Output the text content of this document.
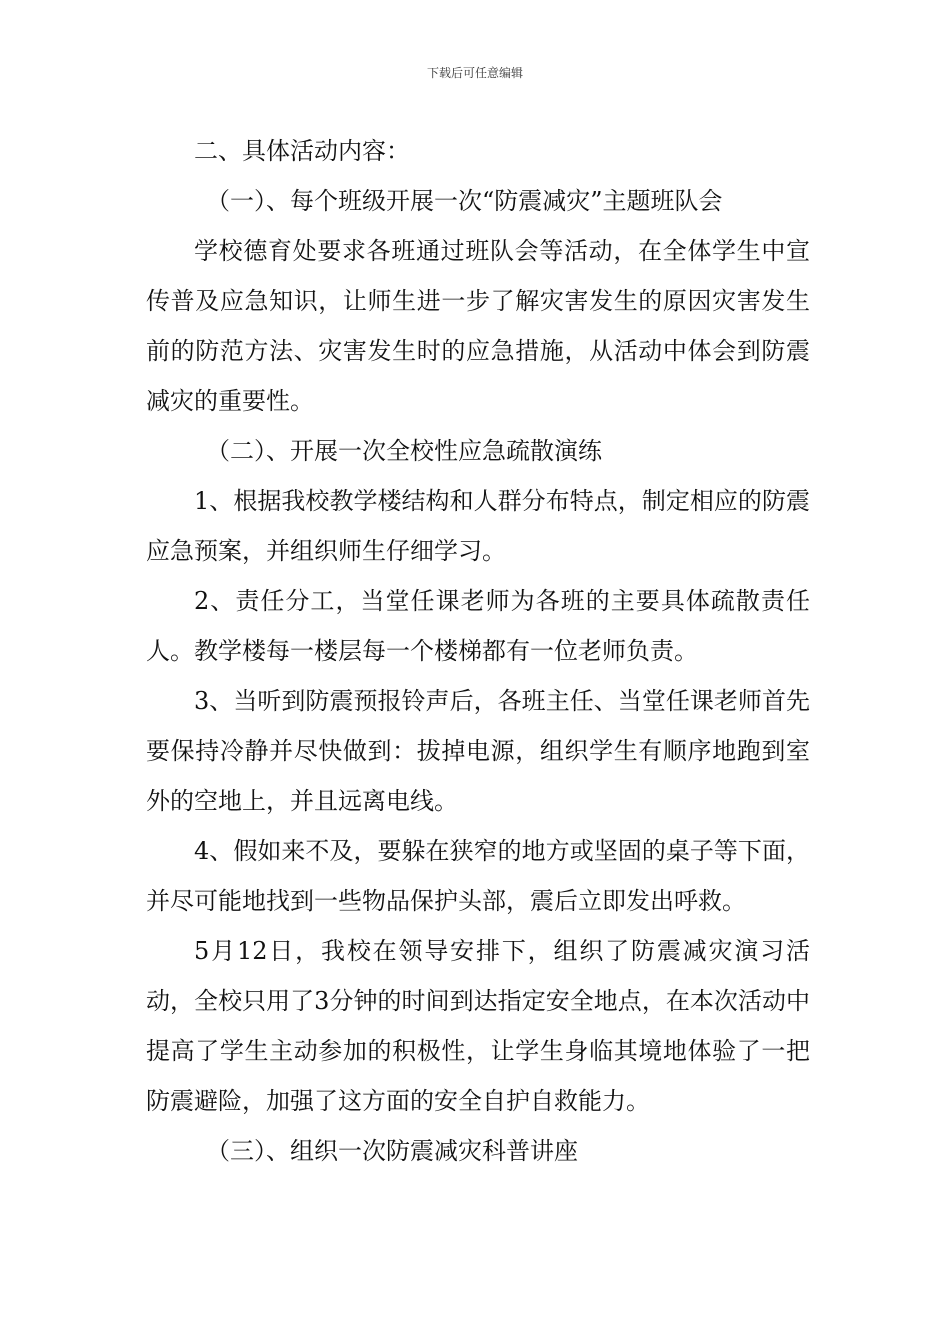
下载后可任意编辑

二、具体活动内容：

（一）、每个班级开展一次“防震减灾”主题班队会

学校德育处要求各班通过班队会等活动，在全体学生中宣传普及应急知识，让师生进一步了解灾害发生的原因灾害发生前的防范方法、灾害发生时的应急措施，从活动中体会到防震减灾的重要性。

（二）、开展一次全校性应急疏散演练

1、根据我校教学楼结构和人群分布特点，制定相应的防震应急预案，并组织师生仔细学习。

2、责任分工，当堂任课老师为各班的主要具体疏散责任人。教学楼每一楼层每一个楼梯都有一位老师负责。

3、当听到防震预报铃声后，各班主任、当堂任课老师首先要保持冷静并尽快做到：拔掉电源，组织学生有顺序地跑到室外的空地上，并且远离电线。

4、假如来不及，要躲在狭窄的地方或坚固的桌子等下面，并尽可能地找到一些物品保护头部，震后立即发出呼救。

5月12日，我校在领导安排下，组织了防震减灾演习活动，全校只用了3分钟的时间到达指定安全地点，在本次活动中提高了学生主动参加的积极性，让学生身临其境地体验了一把防震避险，加强了这方面的安全自护自救能力。

（三）、组织一次防震减灾科普讲座
